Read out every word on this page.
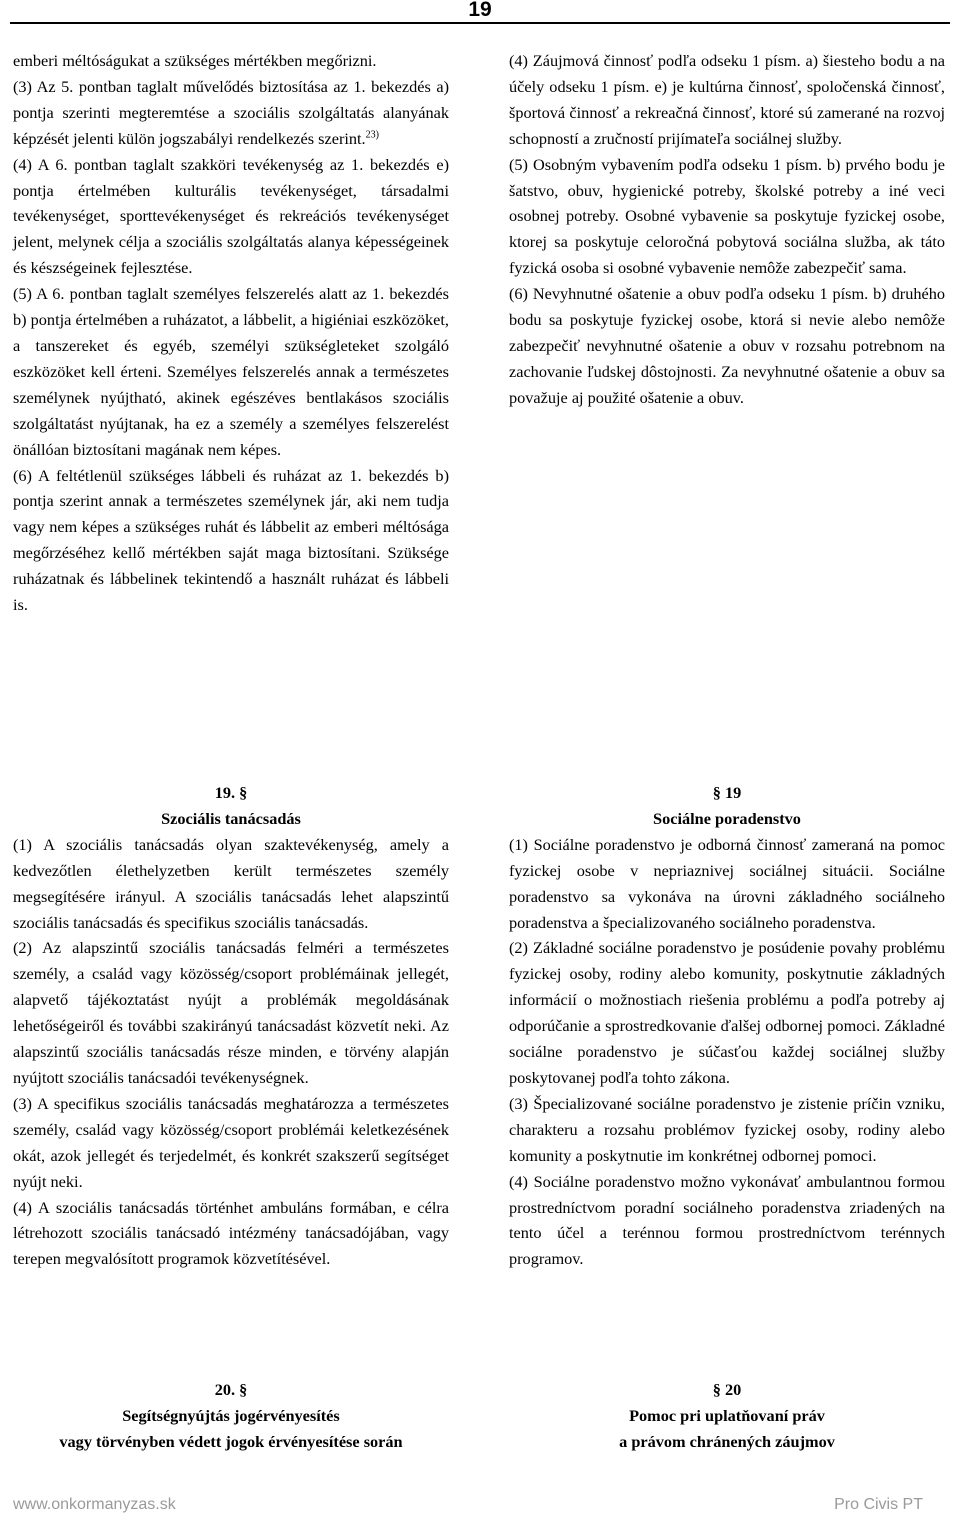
19

emberi méltóságukat a szükséges mértékben megőrizni.

(3) Az 5. pontban taglalt művelődés biztosítása az 1. bekezdés a) pontja szerinti megteremtése a szociális szolgáltatás alanyának képzését jelenti külön jogszabályi rendelkezés szerint.$^{23)}$

(4) A 6. pontban taglalt szakköri tevékenység az 1. bekezdés e) pontja értelmében kulturális tevékenységet, társadalmi tevékenységet, sporttevékenységet és rekreációs tevékenységet jelent, melynek célja a szociális szolgáltatás alanya képességeinek és készségeinek fejlesztése.

(5) A 6. pontban taglalt személyes felszerelés alatt az 1. bekezdés b) pontja értelmében a ruházatot, a lábbelit, a higiéniai eszközöket, a tanszereket és egyéb, személyi szükségleteket szolgáló eszközöket kell érteni. Személyes felszerelés annak a természetes személynek nyújtható, akinek egészéves bentlakásos szociális szolgáltatást nyújtanak, ha ez a személy a személyes felszerelést önállóan biztosítani magának nem képes.

(6) A feltétlenül szükséges lábbeli és ruházat az 1. bekezdés b) pontja szerint annak a természetes személynek jár, aki nem tudja vagy nem képes a szükséges ruhát és lábbelit az emberi méltósága megőrzéséhez kellő mértékben saját maga biztosítani. Szüksége ruházatnak és lábbelinek tekintendő a használt ruházat és lábbeli is.

(4) Záujmová činnosť podľa odseku 1 písm. a) šiesteho bodu a na účely odseku 1 písm. e) je kultúrna činnosť, spoločenská činnosť, športová činnosť a rekreačná činnosť, ktoré sú zamerané na rozvoj schopností a zručností prijímateľa sociálnej služby.

(5) Osobným vybavením podľa odseku 1 písm. b) prvého bodu je šatstvo, obuv, hygienické potreby, školské potreby a iné veci osobnej potreby. Osobné vybavenie sa poskytuje fyzickej osobe, ktorej sa poskytuje celoročná pobytová sociálna služba, ak táto fyzická osoba si osobné vybavenie nemôže zabezpečiť sama.

(6) Nevyhnutné ošatenie a obuv podľa odseku 1 písm. b) druhého bodu sa poskytuje fyzickej osobe, ktorá si nevie alebo nemôže zabezpečiť nevyhnutné ošatenie a obuv v rozsahu potrebnom na zachovanie ľudskej dôstojnosti. Za nevyhnutné ošatenie a obuv sa považuje aj použité ošatenie a obuv.

19. §
Szociális tanácsadás

(1) A szociális tanácsadás olyan szaktevékenység, amely a kedvezőtlen élethelyzetben került természetes személy megsegítésére irányul. A szociális tanácsadás lehet alapszintű szociális tanácsadás és specifikus szociális tanácsadás.

(2) Az alapszintű szociális tanácsadás felméri a természetes személy, a család vagy közösség/csoport problémáinak jellegét, alapvető tájékoztatást nyújt a problémák megoldásának lehetőségeiről és további szakirányú tanácsadást közvetít neki. Az alapszintű szociális tanácsadás része minden, e törvény alapján nyújtott szociális tanácsadói tevékenységnek.

(3) A specifikus szociális tanácsadás meghatározza a természetes személy, család vagy közösség/csoport problémái keletkezésének okát, azok jellegét és terjedelmét, és konkrét szakszerű segítséget nyújt neki.

(4) A szociális tanácsadás történhet ambuláns formában, e célra létrehozott szociális tanácsadó intézmény tanácsadójában, vagy terepen megvalósított programok közvetítésével.

§ 19
Sociálne poradenstvo

(1) Sociálne poradenstvo je odborná činnosť zameraná na pomoc fyzickej osobe v nepriaznivej sociálnej situácii. Sociálne poradenstvo sa vykonáva na úrovni základného sociálneho poradenstva a špecializovaného sociálneho poradenstva.

(2) Základné sociálne poradenstvo je posúdenie povahy problému fyzickej osoby, rodiny alebo komunity, poskytnutie základných informácií o možnostiach riešenia problému a podľa potreby aj odporúčanie a sprostredkovanie ďalšej odbornej pomoci. Základné sociálne poradenstvo je súčasťou každej sociálnej služby poskytovanej podľa tohto zákona.

(3) Špecializované sociálne poradenstvo je zistenie príčin vzniku, charakteru a rozsahu problémov fyzickej osoby, rodiny alebo komunity a poskytnutie im konkrétnej odbornej pomoci.

(4) Sociálne poradenstvo možno vykonávať ambulantnou formou prostredníctvom poradní sociálneho poradenstva zriadených na tento účel a terénnou formou prostredníctvom terénnych programov.

20. §
Segítségnyújtás jogérvényesítés
vagy törvényben védett jogok érvényesítése során
§ 20
Pomoc pri uplatňovaní práv
a právom chránených záujmov
www.onkormanyzas.sk	Pro Civis PT
